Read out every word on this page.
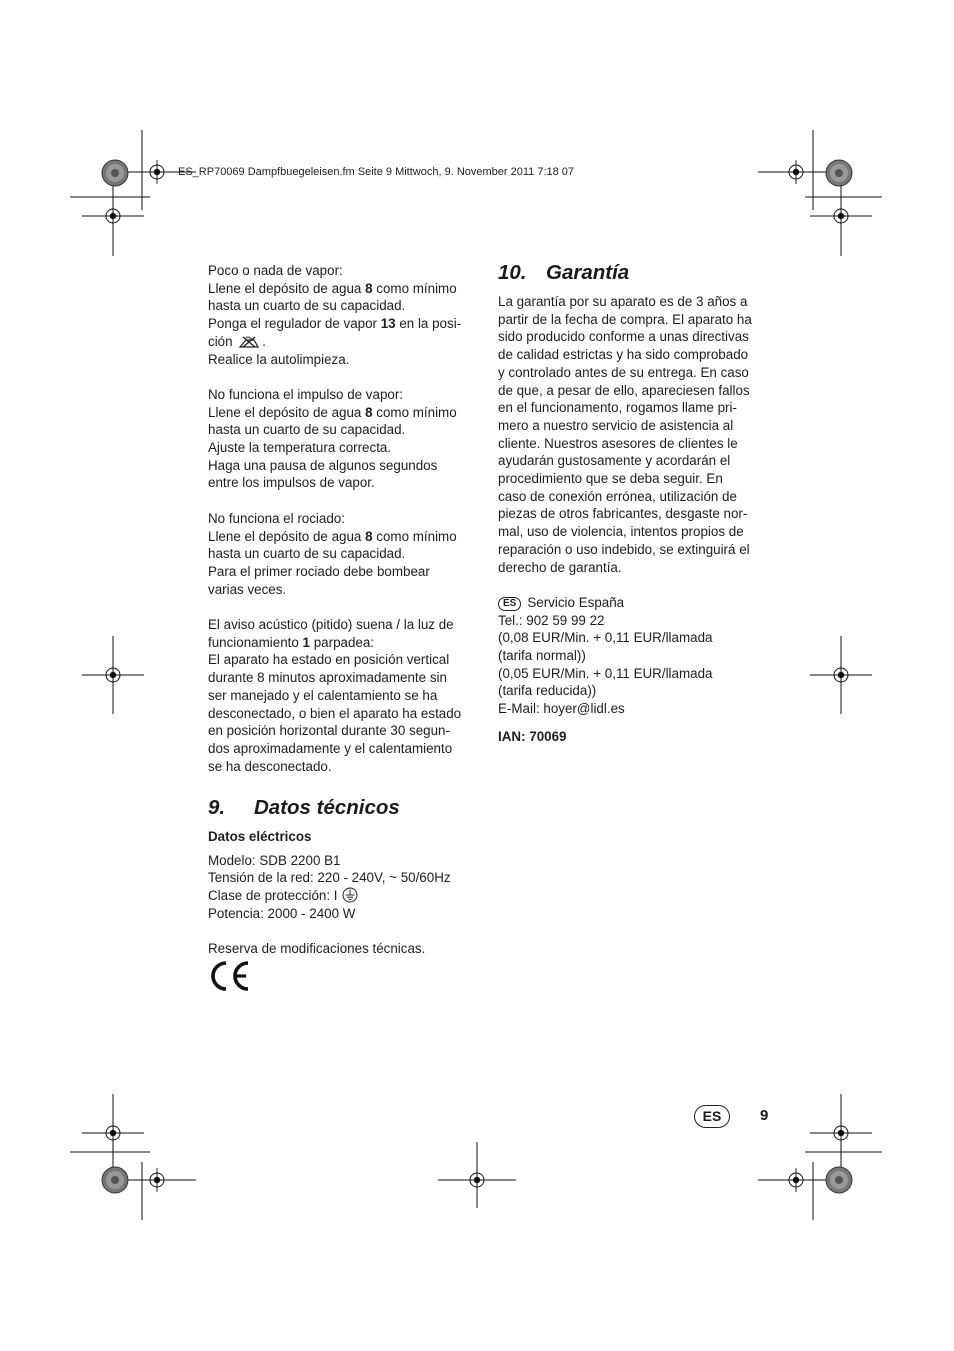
ES_RP70069 Dampfbuegeleisen.fm Seite 9 Mittwoch, 9. November 2011 7:18 07
Poco o nada de vapor:
Llene el depósito de agua 8 como mínimo
hasta un cuarto de su capacidad.
Ponga el regulador de vapor 13 en la posi-
ción .
Realice la autolimpieza.
No funciona el impulso de vapor:
Llene el depósito de agua 8 como mínimo
hasta un cuarto de su capacidad.
Ajuste la temperatura correcta.
Haga una pausa de algunos segundos
entre los impulsos de vapor.
No funciona el rociado:
Llene el depósito de agua 8 como mínimo
hasta un cuarto de su capacidad.
Para el primer rociado debe bombear
varias veces.
El aviso acústico (pitido) suena / la luz de
funcionamiento 1 parpadea:
El aparato ha estado en posición vertical
durante 8 minutos aproximadamente sin
ser manejado y el calentamiento se ha
desconectado, o bien el aparato ha estado
en posición horizontal durante 30 segun-
dos aproximadamente y el calentamiento
se ha desconectado.
9. Datos técnicos
Datos eléctricos
Modelo: SDB 2200 B1
Tensión de la red: 220 - 240V, ~ 50/60Hz
Clase de protección: I
Potencia: 2000 - 2400 W
Reserva de modificaciones técnicas.
10. Garantía
La garantía por su aparato es de 3 años a
partir de la fecha de compra. El aparato ha
sido producido conforme a unas directivas
de calidad estrictas y ha sido comprobado
y controlado antes de su entrega. En caso
de que, a pesar de ello, apareciesen fallos
en el funcionamento, rogamos llame pri-
mero a nuestro servicio de asistencia al
cliente. Nuestros asesores de clientes le
ayudarán gustosamente y acordarán el
procedimiento que se deba seguir. En
caso de conexión errónea, utilización de
piezas de otros fabricantes, desgaste nor-
mal, uso de violencia, intentos propios de
reparación o uso indebido, se extinguirá el
derecho de garantía.
ES Servicio España
Tel.: 902 59 99 22
(0,08 EUR/Min. + 0,11 EUR/llamada
(tarifa normal))
(0,05 EUR/Min. + 0,11 EUR/llamada
(tarifa reducida))
E-Mail: hoyer@lidl.es
IAN: 70069
ES	9
